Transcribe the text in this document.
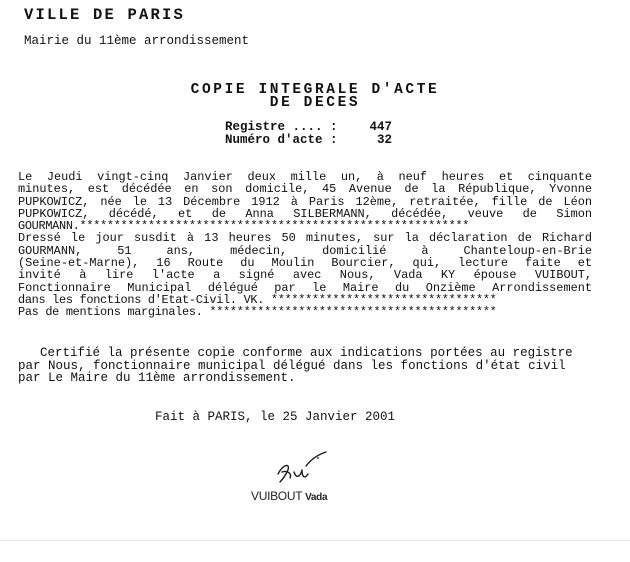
VILLE DE PARIS
Mairie du 11ème arrondissement
COPIE INTEGRALE D'ACTE
DE DECES
Registre .... :
Numéro d'acte :
447
32
Le Jeudi vingt-cinq Janvier deux mille un, à neuf heures et cinquante
minutes, est décédée en son domicile, 45 Avenue de la République, Yvonne
PUPKOWICZ, née le 13 Décembre 1912 à Paris 12ème, retraitée, fille de Léon
PUPKOWICZ, décédé, et de Anna SILBERMANN, décédée, veuve de Simon
GOURMANN.*********************************************************
Dressé le jour susdit à 13 heures 50 minutes, sur la déclaration de Richard
GOURMANN, 51 ans, médecin, domicilié à Chanteloup-en-Brie
(Seine-et-Marne), 16 Route du Moulin Bourcier, qui, lecture faite et
invité à lire l'acte a signé avec Nous, Vada KY épouse VUIBOUT,
Fonctionnaire Municipal délégué par le Maire du Onzième Arrondissement
dans les fonctions d'Etat-Civil. VK. *********************************
Pas de mentions marginales. ******************************************
Certifié la présente copie conforme aux indications portées au registre
par Nous, fonctionnaire municipal délégué dans les fonctions d'état civil
par Le Maire du 11ème arrondissement.
Fait à PARIS, le 25 Janvier 2001
VUIBOUT Vada
